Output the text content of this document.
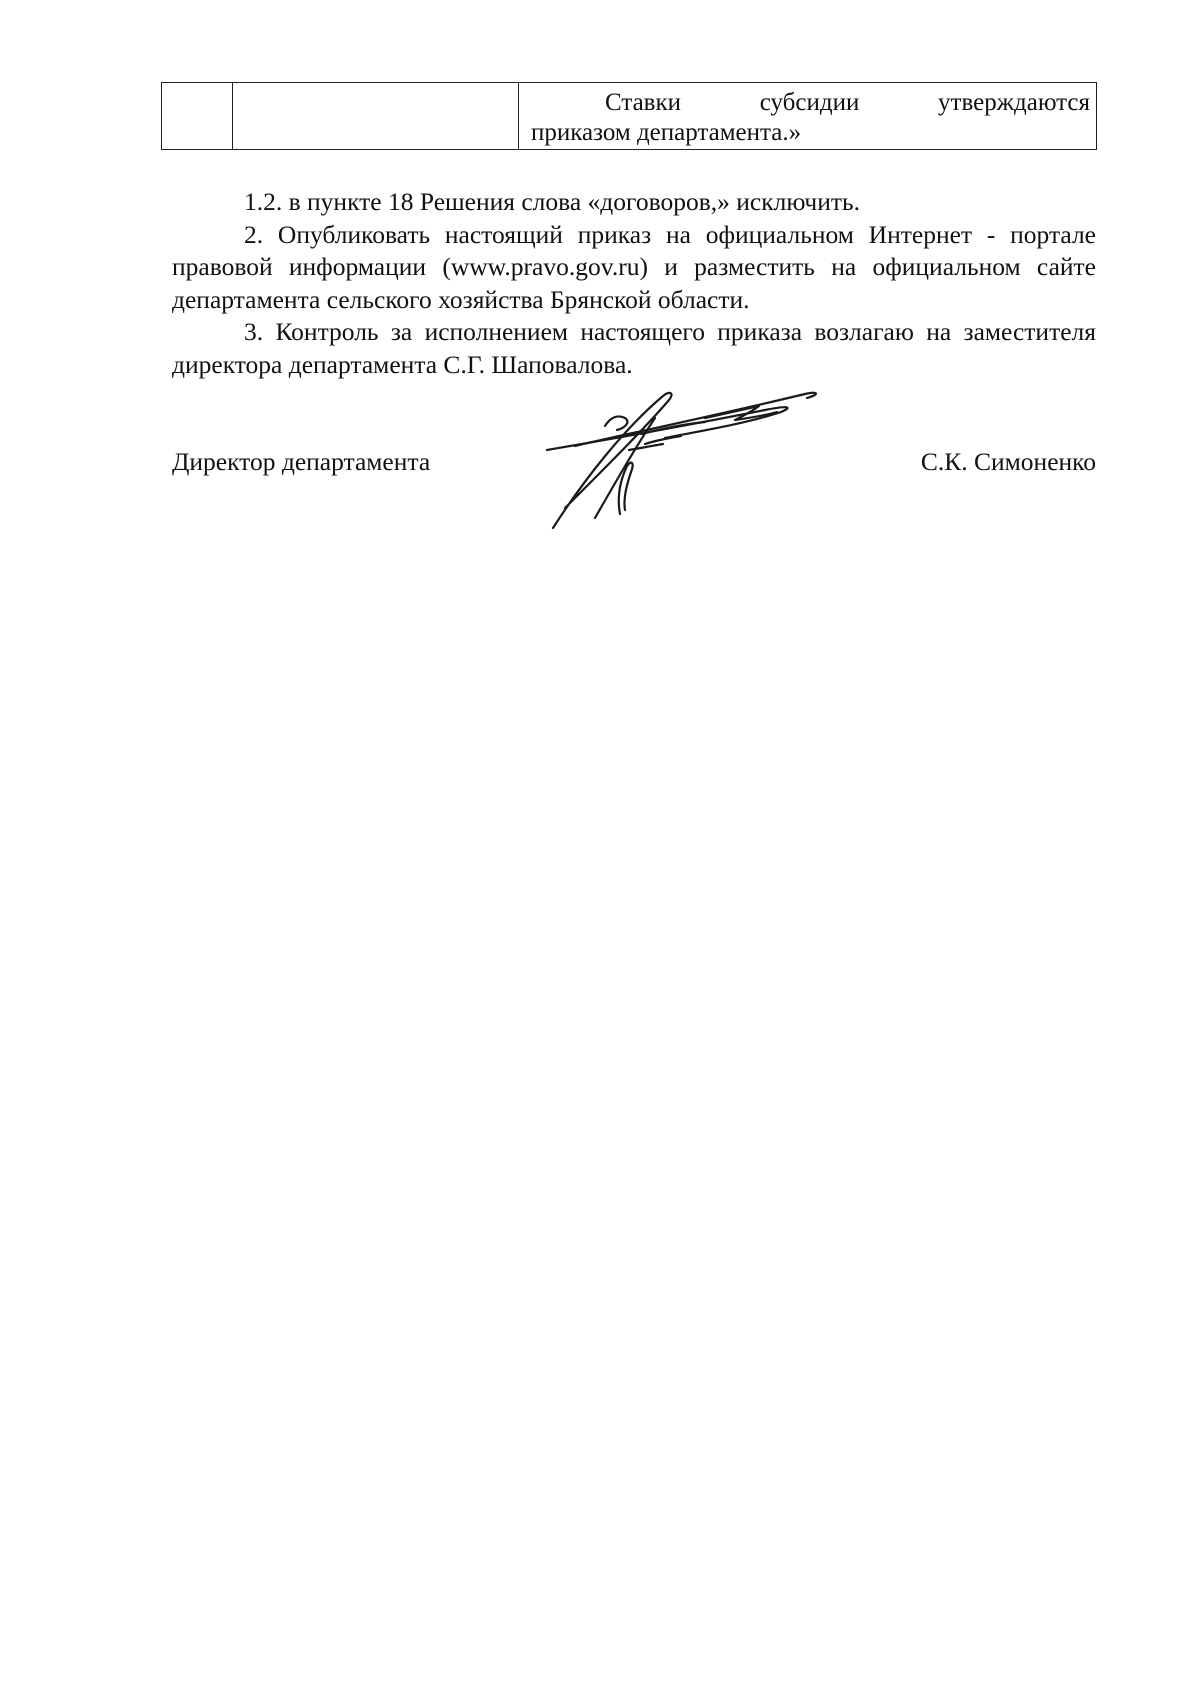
Ставки субсидии утверждаются
приказом департамента.»

1.2. в пункте 18 Решения слова «договоров,» исключить.

2. Опубликовать настоящий приказ на официальном Интернет - портале правовой информации (www.pravo.gov.ru) и разместить на официальном сайте департамента сельского хозяйства Брянской области.

3. Контроль за исполнением настоящего приказа возлагаю на заместителя директора департамента С.Г. Шаповалова.

Директор департамента	С.К. Симоненко
